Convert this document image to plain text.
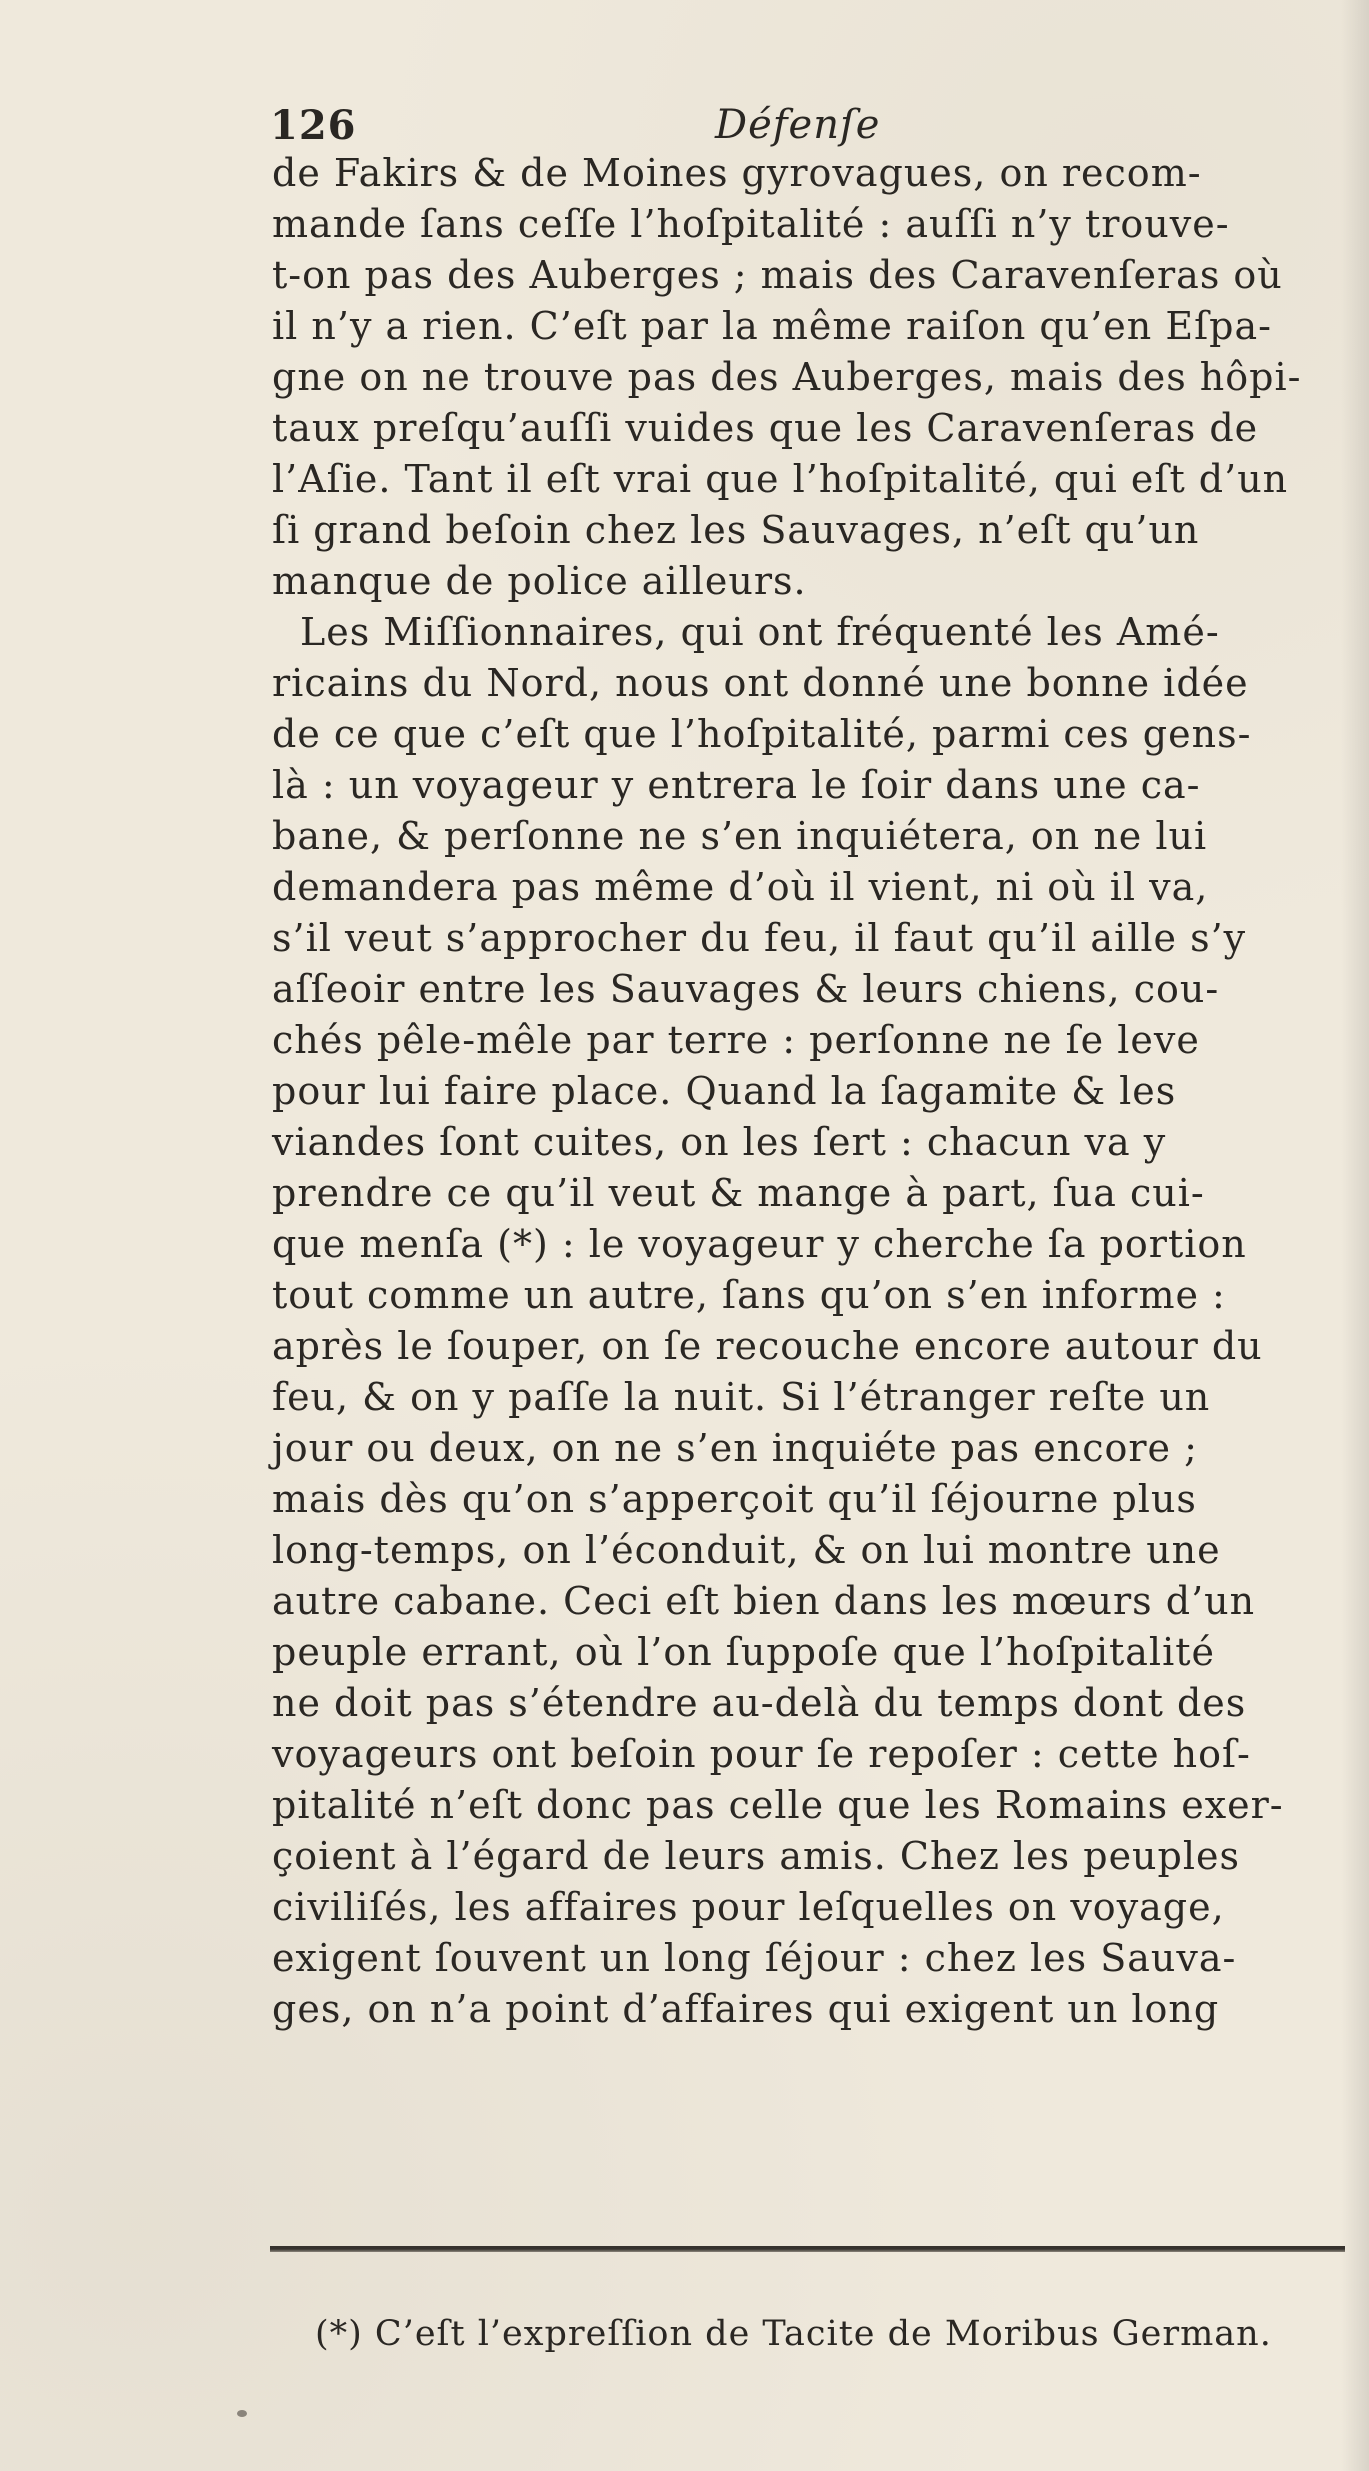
126	Défenſe
de Fakirs & de Moines gyrovagues, on recom-
mande ſans ceſſe l’hoſpitalité : auſſi n’y trouve-
t-on pas des Auberges ; mais des Caravenſeras où
il n’y a rien. C’eſt par la même raiſon qu’en Eſpa-
gne on ne trouve pas des Auberges, mais des hôpi-
taux preſqu’auſſi vuides que les Caravenſeras de
l’Aſie. Tant il eſt vrai que l’hoſpitalité, qui eſt d’un
ſi grand beſoin chez les Sauvages, n’eſt qu’un
manque de police ailleurs.
Les Miſſionnaires, qui ont fréquenté les Amé-
ricains du Nord, nous ont donné une bonne idée
de ce que c’eſt que l’hoſpitalité, parmi ces gens-
là : un voyageur y entrera le ſoir dans une ca-
bane, & perſonne ne s’en inquiétera, on ne lui
demandera pas même d’où il vient, ni où il va,
s’il veut s’approcher du feu, il faut qu’il aille s’y
aſſeoir entre les Sauvages & leurs chiens, cou-
chés pêle-mêle par terre : perſonne ne ſe leve
pour lui faire place. Quand la ſagamite & les
viandes ſont cuites, on les ſert : chacun va y
prendre ce qu’il veut & mange à part, ſua cui-
que menſa (*) : le voyageur y cherche ſa portion
tout comme un autre, ſans qu’on s’en informe :
après le ſouper, on ſe recouche encore autour du
feu, & on y paſſe la nuit. Si l’étranger reſte un
jour ou deux, on ne s’en inquiéte pas encore ;
mais dès qu’on s’apperçoit qu’il ſéjourne plus
long-temps, on l’éconduit, & on lui montre une
autre cabane. Ceci eſt bien dans les mœurs d’un
peuple errant, où l’on ſuppoſe que l’hoſpitalité
ne doit pas s’étendre au-delà du temps dont des
voyageurs ont beſoin pour ſe repoſer : cette hoſ-
pitalité n’eſt donc pas celle que les Romains exer-
çoient à l’égard de leurs amis. Chez les peuples
civiliſés, les affaires pour leſquelles on voyage,
exigent ſouvent un long ſéjour : chez les Sauva-
ges, on n’a point d’affaires qui exigent un long
(*) C’eſt l’expreſſion de Tacite de Moribus German.
